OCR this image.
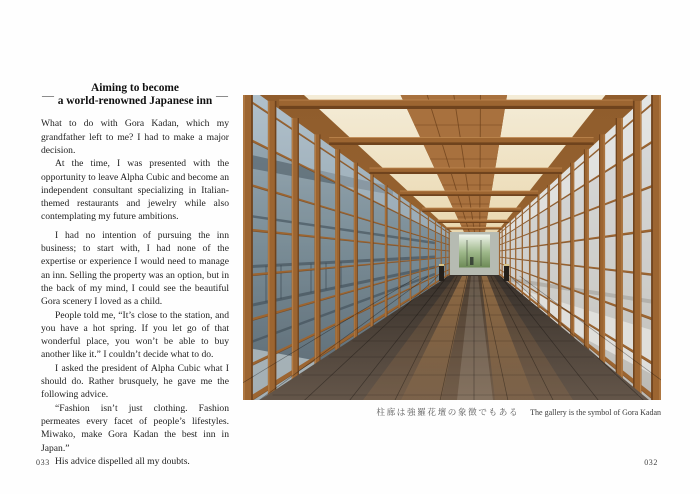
—
Aiming to become
a world-renowned Japanese inn —

What to do with Gora Kadan, which my grandfather left to me? I had to make a major decision.

At the time, I was presented with the opportunity to leave Alpha Cubic and become an independent consultant specializing in Italian-themed restaurants and jewelry while also contemplating my future ambitions.

I had no intention of pursuing the inn business; to start with, I had none of the expertise or experience I would need to manage an inn. Selling the property was an option, but in the back of my mind, I could see the beautiful Gora scenery I loved as a child.

People told me, “It’s close to the station, and you have a hot spring. If you let go of that wonderful place, you won’t be able to buy another like it.” I couldn’t decide what to do.

I asked the president of Alpha Cubic what I should do. Rather brusquely, he gave me the following advice.

“Fashion isn’t just clothing. Fashion permeates every facet of people’s lifestyles. Miwako, make Gora Kadan the best inn in Japan.”

His advice dispelled all my doubts.

033
柱廊は強羅花壇の象徴でもある The gallery is the symbol of Gora Kadan
032
